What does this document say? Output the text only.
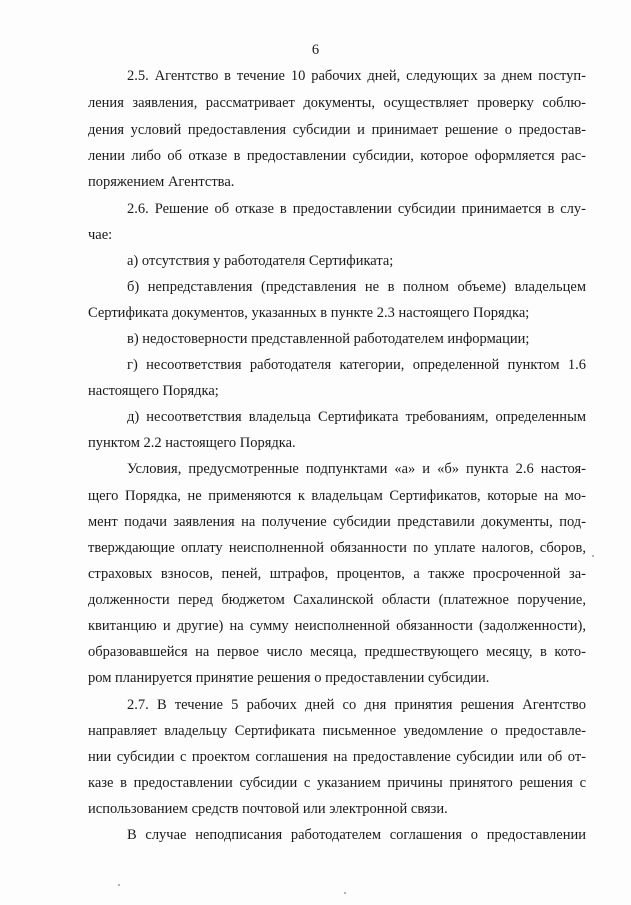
6
2.5. Агентство в течение 10 рабочих дней, следующих за днем поступ-
ления заявления, рассматривает документы, осуществляет проверку соблю-
дения условий предоставления субсидии и принимает решение о предостав-
лении либо об отказе в предоставлении субсидии, которое оформляется рас-
поряжением Агентства.
2.6. Решение об отказе в предоставлении субсидии принимается в слу-
чае:
а) отсутствия у работодателя Сертификата;
б) непредставления (представления не в полном объеме) владельцем
Сертификата документов, указанных в пункте 2.3 настоящего Порядка;
в) недостоверности представленной работодателем информации;
г) несоответствия работодателя категории, определенной пунктом 1.6
настоящего Порядка;
д) несоответствия владельца Сертификата требованиям, определенным
пунктом 2.2 настоящего Порядка.
Условия, предусмотренные подпунктами «а» и «б» пункта 2.6 настоя-
щего Порядка, не применяются к владельцам Сертификатов, которые на мо-
мент подачи заявления на получение субсидии представили документы, под-
тверждающие оплату неисполненной обязанности по уплате налогов, сборов,
страховых взносов, пеней, штрафов, процентов, а также просроченной за-
долженности перед бюджетом Сахалинской области (платежное поручение,
квитанцию и другие) на сумму неисполненной обязанности (задолженности),
образовавшейся на первое число месяца, предшествующего месяцу, в кото-
ром планируется принятие решения о предоставлении субсидии.
2.7. В течение 5 рабочих дней со дня принятия решения Агентство
направляет владельцу Сертификата письменное уведомление о предоставле-
нии субсидии с проектом соглашения на предоставление субсидии или об от-
казе в предоставлении субсидии с указанием причины принятого решения с
использованием средств почтовой или электронной связи.
В случае неподписания работодателем соглашения о предоставлении
